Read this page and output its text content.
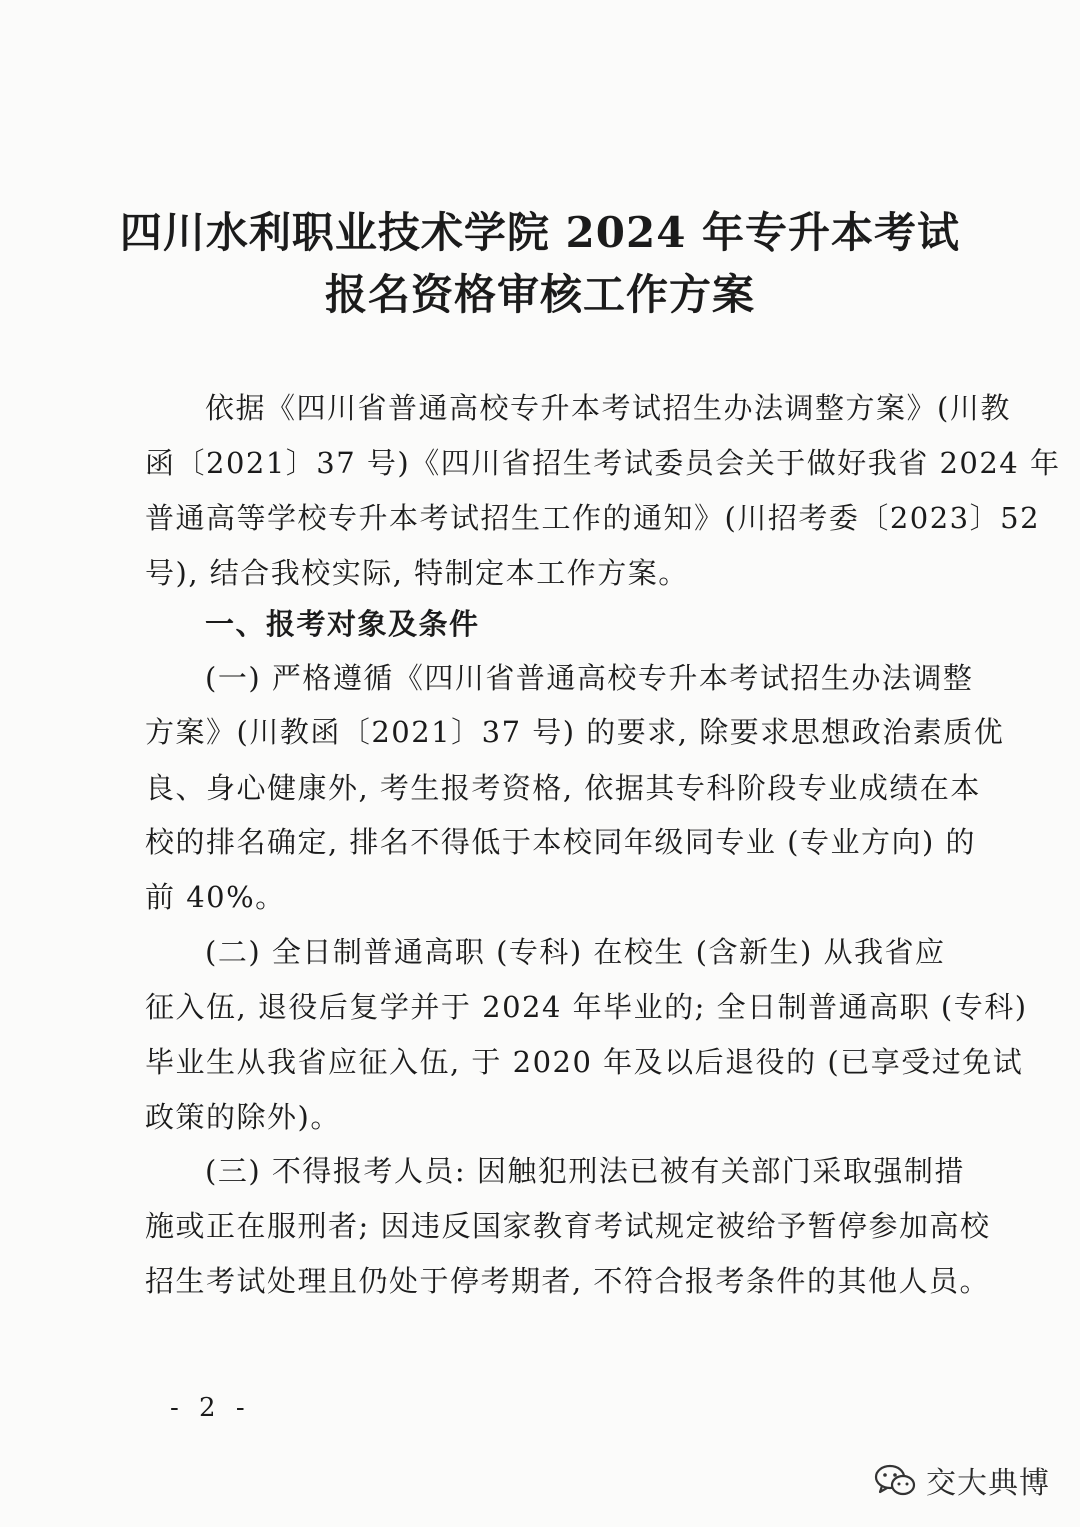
四川水利职业技术学院 2024 年专升本考试
报名资格审核工作方案
依据《四川省普通高校专升本考试招生办法调整方案》(川教
函〔2021〕37 号)《四川省招生考试委员会关于做好我省 2024 年
普通高等学校专升本考试招生工作的通知》(川招考委〔2023〕52
号), 结合我校实际, 特制定本工作方案。
一、报考对象及条件
(一) 严格遵循《四川省普通高校专升本考试招生办法调整
方案》(川教函〔2021〕37 号) 的要求, 除要求思想政治素质优
良、身心健康外, 考生报考资格, 依据其专科阶段专业成绩在本
校的排名确定, 排名不得低于本校同年级同专业 (专业方向) 的
前 40%。
(二) 全日制普通高职 (专科) 在校生 (含新生) 从我省应
征入伍, 退役后复学并于 2024 年毕业的; 全日制普通高职 (专科)
毕业生从我省应征入伍, 于 2020 年及以后退役的 (已享受过免试
政策的除外)。
(三) 不得报考人员: 因触犯刑法已被有关部门采取强制措
施或正在服刑者; 因违反国家教育考试规定被给予暂停参加高校
招生考试处理且仍处于停考期者, 不符合报考条件的其他人员。
- 2 -
交大典博
